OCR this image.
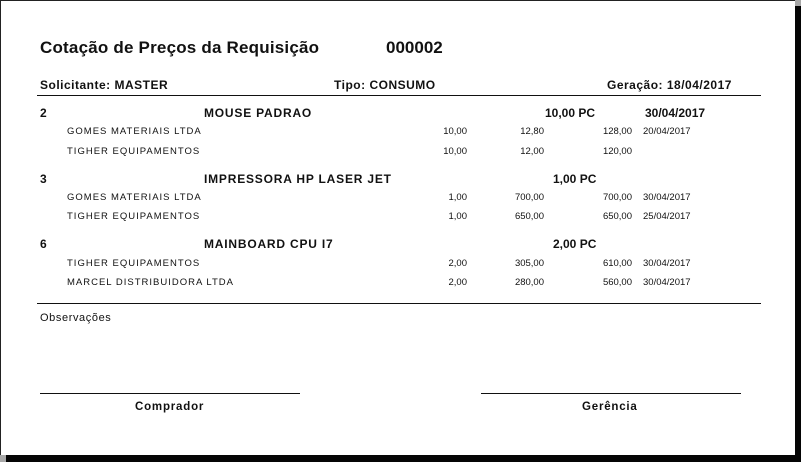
Cotação de Preços da Requisição	000002
Solicitante: MASTER	Tipo: CONSUMO	Geração: 18/04/2017
2	MOUSE PADRAO	10,00 PC	30/04/2017
GOMES MATERIAIS LTDA	10,00	12,80	128,00 20/04/2017
TIGHER EQUIPAMENTOS	10,00	12,00	120,00
3	IMPRESSORA HP LASER JET	1,00 PC
GOMES MATERIAIS LTDA	1,00	700,00	700,00 30/04/2017
TIGHER EQUIPAMENTOS	1,00	650,00	650,00 25/04/2017
6	MAINBOARD CPU I7	2,00 PC
TIGHER EQUIPAMENTOS	2,00	305,00	610,00 30/04/2017
MARCEL DISTRIBUIDORA LTDA	2,00	280,00	560,00 30/04/2017
Observações
Comprador	Gerência
